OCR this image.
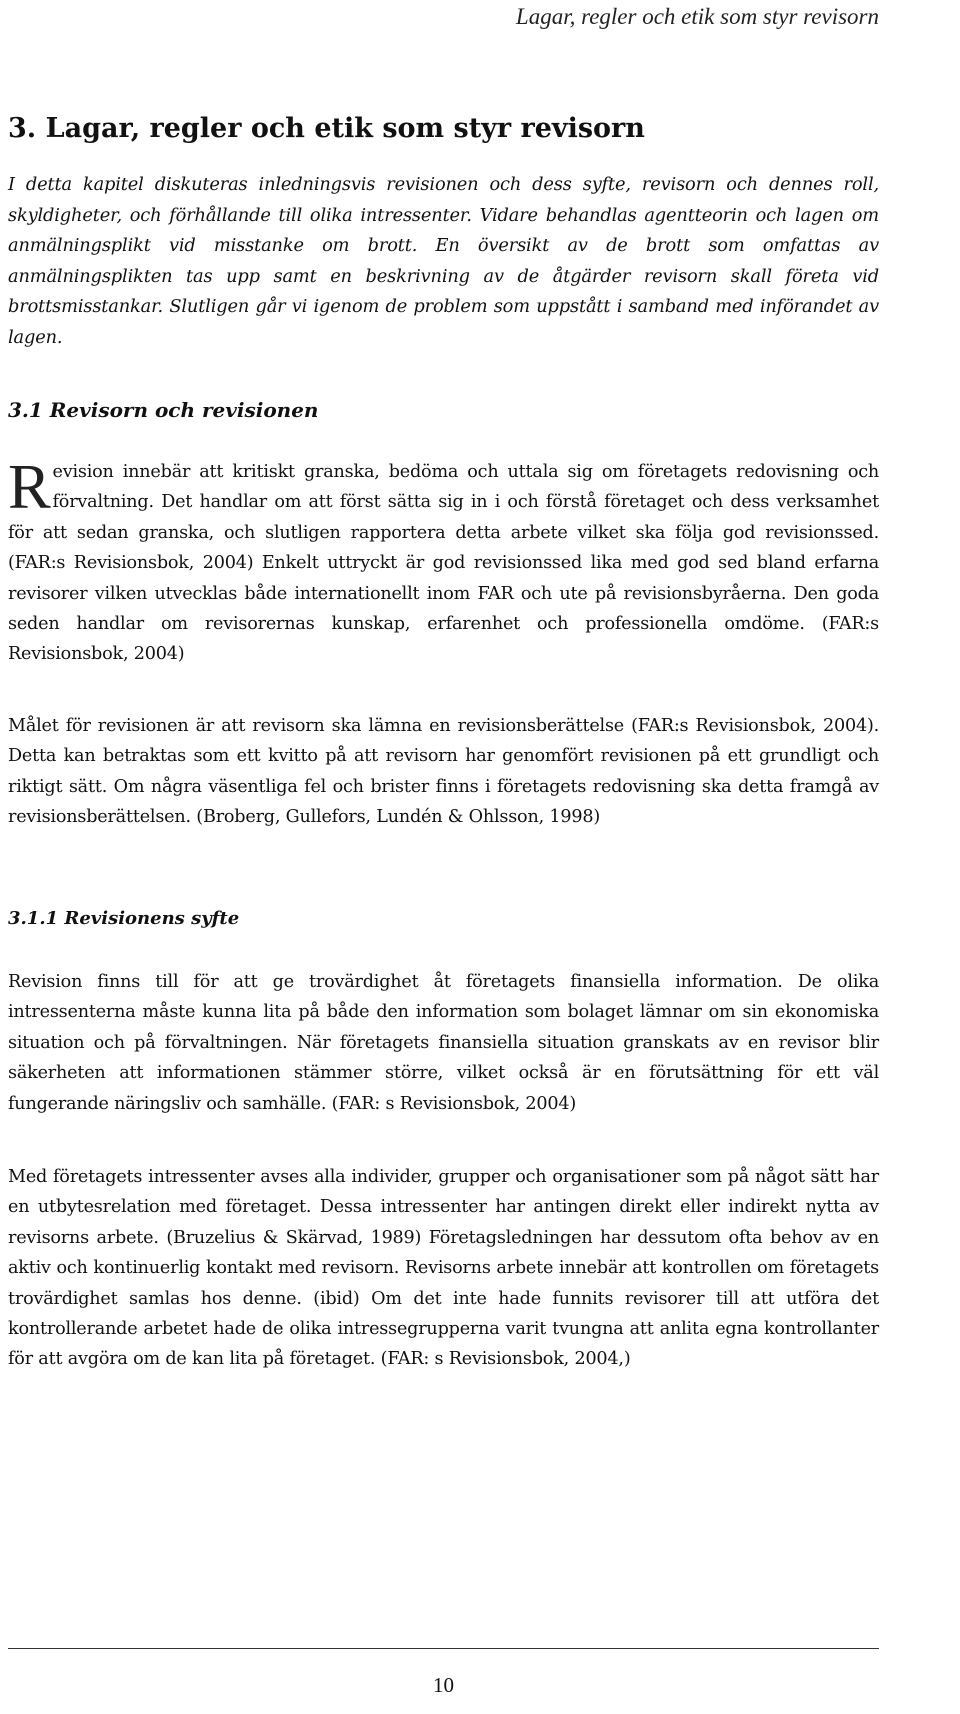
Lagar, regler och etik som styr revisorn
3. Lagar, regler och etik som styr revisorn

I detta kapitel diskuteras inledningsvis revisionen och dess syfte, revisorn och dennes roll, skyldigheter, och förhållande till olika intressenter. Vidare behandlas agentteorin och lagen om anmälningsplikt vid misstanke om brott. En översikt av de brott som omfattas av anmälningsplikten tas upp samt en beskrivning av de åtgärder revisorn skall företa vid brottsmisstankar. Slutligen går vi igenom de problem som uppstått i samband med införandet av lagen.

3.1 Revisorn och revisionen

Revision innebär att kritiskt granska, bedöma och uttala sig om företagets redovisning och förvaltning. Det handlar om att först sätta sig in i och förstå företaget och dess verksamhet för att sedan granska, och slutligen rapportera detta arbete vilket ska följa god revisionssed. (FAR:s Revisionsbok, 2004) Enkelt uttryckt är god revisionssed lika med god sed bland erfarna revisorer vilken utvecklas både internationellt inom FAR och ute på revisionsbyråerna. Den goda seden handlar om revisorernas kunskap, erfarenhet och professionella omdöme. (FAR:s Revisionsbok, 2004)

Målet för revisionen är att revisorn ska lämna en revisionsberättelse (FAR:s Revisionsbok, 2004). Detta kan betraktas som ett kvitto på att revisorn har genomfört revisionen på ett grundligt och riktigt sätt. Om några väsentliga fel och brister finns i företagets redovisning ska detta framgå av revisionsberättelsen. (Broberg, Gullefors, Lundén & Ohlsson, 1998)

3.1.1 Revisionens syfte

Revision finns till för att ge trovärdighet åt företagets finansiella information. De olika intressenterna måste kunna lita på både den information som bolaget lämnar om sin ekonomiska situation och på förvaltningen. När företagets finansiella situation granskats av en revisor blir säkerheten att informationen stämmer större, vilket också är en förutsättning för ett väl fungerande näringsliv och samhälle. (FAR: s Revisionsbok, 2004)

Med företagets intressenter avses alla individer, grupper och organisationer som på något sätt har en utbytesrelation med företaget. Dessa intressenter har antingen direkt eller indirekt nytta av revisorns arbete. (Bruzelius & Skärvad, 1989) Företagsledningen har dessutom ofta behov av en aktiv och kontinuerlig kontakt med revisorn. Revisorns arbete innebär att kontrollen om företagets trovärdighet samlas hos denne. (ibid) Om det inte hade funnits revisorer till att utföra det kontrollerande arbetet hade de olika intressegrupperna varit tvungna att anlita egna kontrollanter för att avgöra om de kan lita på företaget. (FAR: s Revisionsbok, 2004,)

10
